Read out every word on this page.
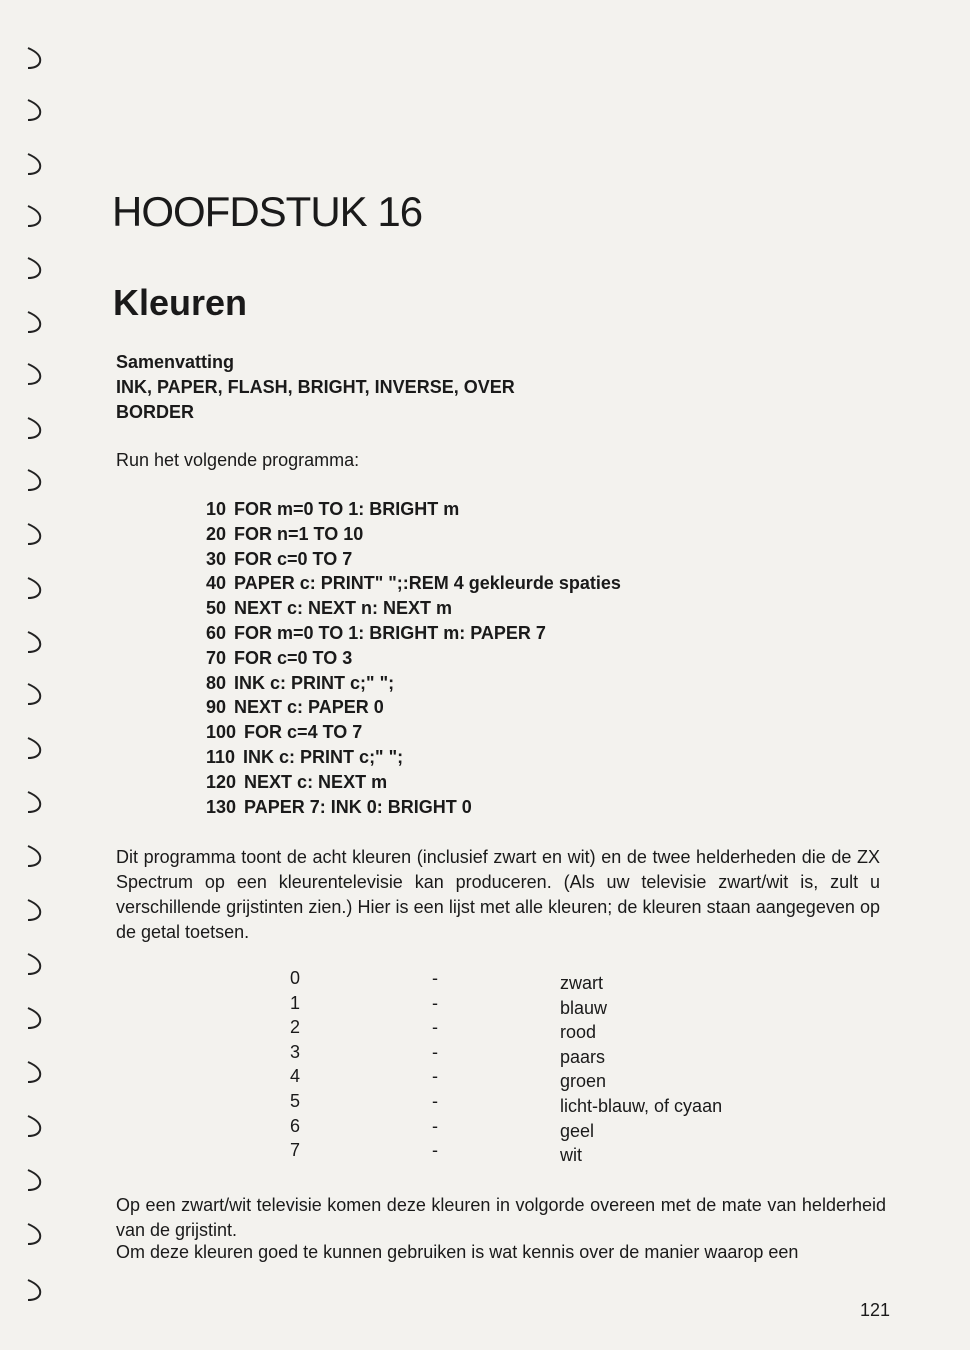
HOOFDSTUK 16
Kleuren
Samenvatting
INK, PAPER, FLASH, BRIGHT, INVERSE, OVER
BORDER
Run het volgende programma:
10 FOR m=0 TO 1: BRIGHT m
20 FOR n=1 TO 10
30 FOR c=0 TO 7
40 PAPER c: PRINT" ";:REM 4 gekleurde spaties
50 NEXT c: NEXT n: NEXT m
60 FOR m=0 TO 1: BRIGHT m: PAPER 7
70 FOR c=0 TO 3
80 INK c: PRINT c;" ";
90 NEXT c: PAPER 0
100 FOR c=4 TO 7
110 INK c: PRINT c;" ";
120 NEXT c: NEXT m
130 PAPER 7: INK 0: BRIGHT 0

Dit programma toont de acht kleuren (inclusief zwart en wit) en de twee helderheden die de ZX Spectrum op een kleurentelevisie kan produceren. (Als uw televisie zwart/wit is, zult u verschillende grijstinten zien.) Hier is een lijst met alle kleuren; de kleuren staan aangegeven op de getal toetsen.

0	-	zwart
1	-	blauw
2	-	rood
3	-	paars
4	-	groen
5	-	licht-blauw, of cyaan
6	-	geel
7	-	wit

Op een zwart/wit televisie komen deze kleuren in volgorde overeen met de mate van helderheid van de grijstint.

Om deze kleuren goed te kunnen gebruiken is wat kennis over de manier waarop een

121
